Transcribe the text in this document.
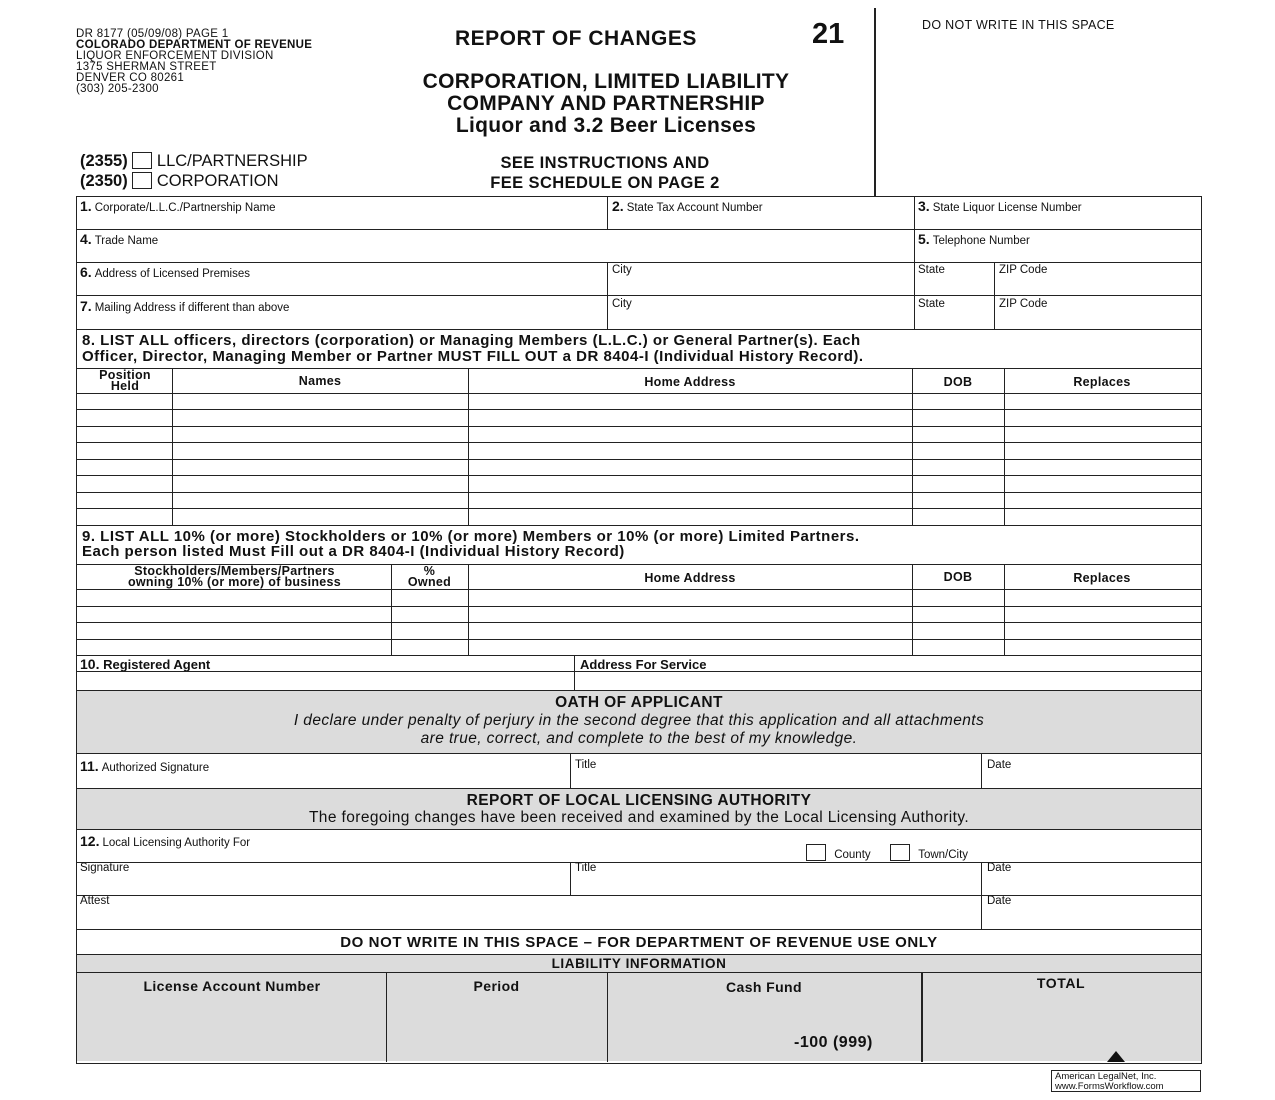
DR 8177 (05/09/08) PAGE 1
COLORADO DEPARTMENT OF REVENUE
LIQUOR ENFORCEMENT DIVISION
1375 SHERMAN STREET
DENVER CO 80261
(303) 205-2300
REPORT OF CHANGES	21	DO NOT WRITE IN THIS SPACE
CORPORATION, LIMITED LIABILITY
COMPANY AND PARTNERSHIP
Liquor and 3.2 Beer Licenses
(2355) LLC/PARTNERSHIP
(2350) CORPORATION
SEE INSTRUCTIONS AND
FEE SCHEDULE ON PAGE 2
1. Corporate/L.L.C./Partnership Name	2. State Tax Account Number	3. State Liquor License Number
4. Trade Name	5. Telephone Number
6. Address of Licensed Premises	City	State	ZIP Code
7. Mailing Address if different than above	City	State	ZIP Code
8. LIST ALL officers, directors (corporation) or Managing Members (L.L.C.) or General Partner(s). Each
Officer, Director, Managing Member or Partner MUST FILL OUT a DR 8404-I (Individual History Record).
Position
Held	Names	Home Address	DOB	Replaces
9. LIST ALL 10% (or more) Stockholders or 10% (or more) Members or 10% (or more) Limited Partners.
Each person listed Must Fill out a DR 8404-I (Individual History Record)
Stockholders/Members/Partners
owning 10% (or more) of business
%
Owned	Home Address	DOB	Replaces
10. Registered Agent	Address For Service
OATH OF APPLICANT
I declare under penalty of perjury in the second degree that this application and all attachments
are true, correct, and complete to the best of my knowledge.
11. Authorized Signature	Title	Date
REPORT OF LOCAL LICENSING AUTHORITY
The foregoing changes have been received and examined by the Local Licensing Authority.
12. Local Licensing Authority For
County	Town/City
Signature	Title	Date
Attest	Date
DO NOT WRITE IN THIS SPACE – FOR DEPARTMENT OF REVENUE USE ONLY
LIABILITY INFORMATION
License Account Number	Period	Cash Fund	TOTAL
-100 (999)
American LegalNet, Inc.
www.FormsWorkflow.com
